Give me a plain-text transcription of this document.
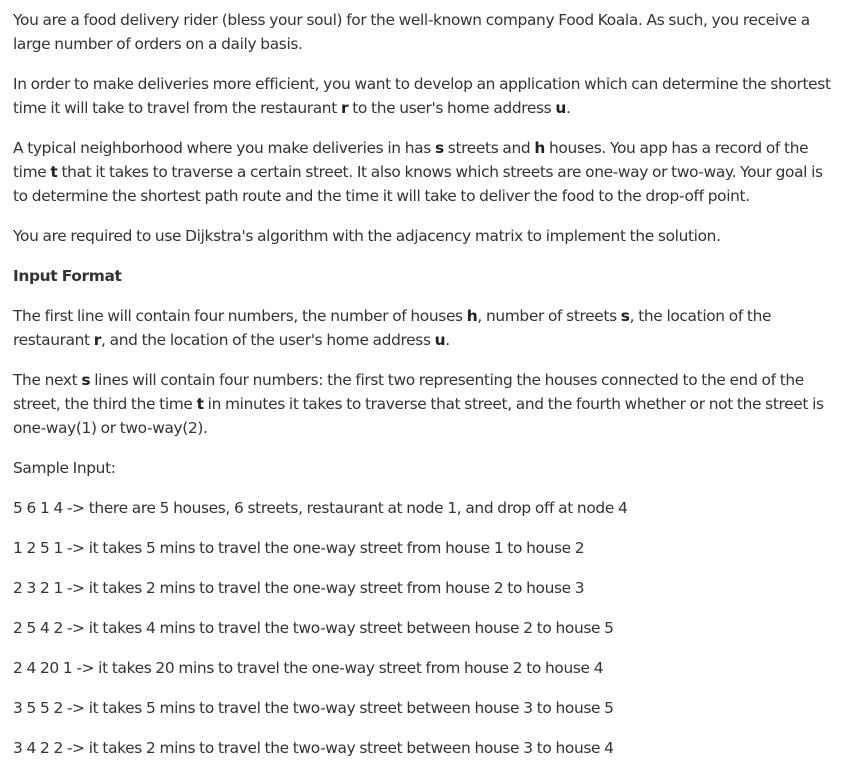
You are a food delivery rider (bless your soul) for the well-known company Food Koala. As such, you receive a large number of orders on a daily basis.

In order to make deliveries more efficient, you want to develop an application which can determine the shortest time it will take to travel from the restaurant r to the user's home address u.

A typical neighborhood where you make deliveries in has s streets and h houses. You app has a record of the time t that it takes to traverse a certain street. It also knows which streets are one-way or two-way. Your goal is to determine the shortest path route and the time it will take to deliver the food to the drop-off point.

You are required to use Dijkstra's algorithm with the adjacency matrix to implement the solution.

Input Format

The first line will contain four numbers, the number of houses h, number of streets s, the location of the restaurant r, and the location of the user's home address u.

The next s lines will contain four numbers: the first two representing the houses connected to the end of the street, the third the time t in minutes it takes to traverse that street, and the fourth whether or not the street is one-way(1) or two-way(2).

Sample Input:

5 6 1 4 -> there are 5 houses, 6 streets, restaurant at node 1, and drop off at node 4

1 2 5 1 -> it takes 5 mins to travel the one-way street from house 1 to house 2

2 3 2 1 -> it takes 2 mins to travel the one-way street from house 2 to house 3

2 5 4 2 -> it takes 4 mins to travel the two-way street between house 2 to house 5

2 4 20 1 -> it takes 20 mins to travel the one-way street from house 2 to house 4

3 5 5 2 -> it takes 5 mins to travel the two-way street between house 3 to house 5

3 4 2 2 -> it takes 2 mins to travel the two-way street between house 3 to house 4
